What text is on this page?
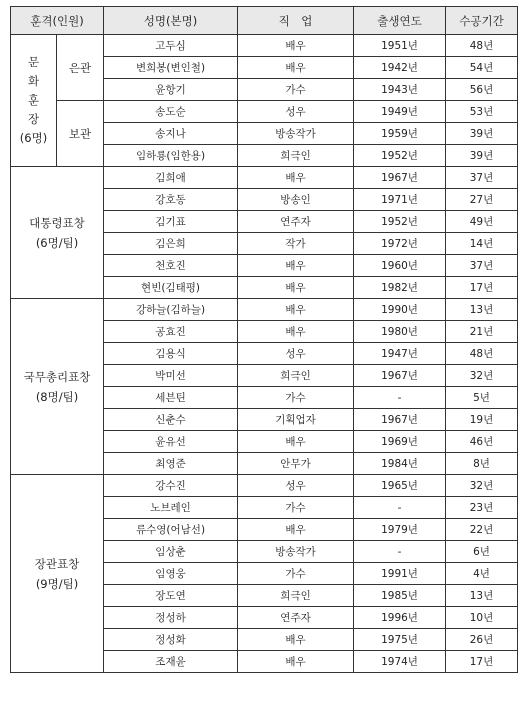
훈격(인원)		성명(본명)	직　업	출생연도	수공기간

문
화
훈
장
(6명)	은관	고두심	배우	1951년	48년
		변희봉(변인철)	배우	1942년	54년
		윤항기	가수	1943년	56년
	보관	송도순	성우	1949년	53년
		송지나	방송작가	1959년	39년
		임하룡(임한용)	희극인	1952년	39년

대통령표창
(6명/팀)		김희애	배우	1967년	37년
		강호동	방송인	1971년	27년
		김기표	연주자	1952년	49년
		김은희	작가	1972년	14년
		천호진	배우	1960년	37년
		현빈(김태평)	배우	1982년	17년

국무총리표창
(8명/팀)		강하늘(김하늘)	배우	1990년	13년
		공효진	배우	1980년	21년
		김용식	성우	1947년	48년
		박미선	희극인	1967년	32년
		세븐틴	가수	-	5년
		신춘수	기획업자	1967년	19년
		윤유선	배우	1969년	46년
		최영준	안무가	1984년	8년

장관표창
(9명/팀)		강수진	성우	1965년	32년
		노브레인	가수	-	23년
		류수영(어남선)	배우	1979년	22년
		임상춘	방송작가	-	6년
		임영웅	가수	1991년	4년
		장도연	희극인	1985년	13년
		정성하	연주자	1996년	10년
		정성화	배우	1975년	26년
		조재윤	배우	1974년	17년
